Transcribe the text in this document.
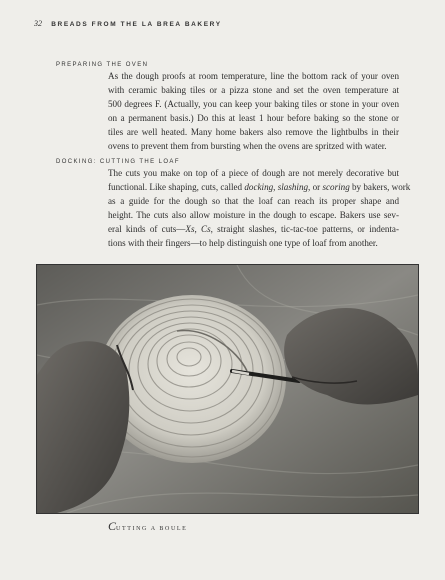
32 BREADS FROM THE LA BREA BAKERY
PREPARING THE OVEN
As the dough proofs at room temperature, line the bottom rack of your oven
with ceramic baking tiles or a pizza stone and set the oven temperature at
500 degrees F. (Actually, you can keep your baking tiles or stone in your oven
on a permanent basis.) Do this at least 1 hour before baking so the stone or
tiles are well heated. Many home bakers also remove the lightbulbs in their
ovens to prevent them from bursting when the ovens are spritzed with water.
DOCKING: CUTTING THE LOAF
The cuts you make on top of a piece of dough are not merely decorative but
functional. Like shaping, cuts, called docking, slashing, or scoring by bakers, work
as a guide for the dough so that the loaf can reach its proper shape and
height. The cuts also allow moisture in the dough to escape. Bakers use sev-
eral kinds of cuts—Xs, Cs, straight slashes, tic-tac-toe patterns, or indenta-
tions with their fingers—to help distinguish one type of loaf from another.
CUTTING A BOULE
